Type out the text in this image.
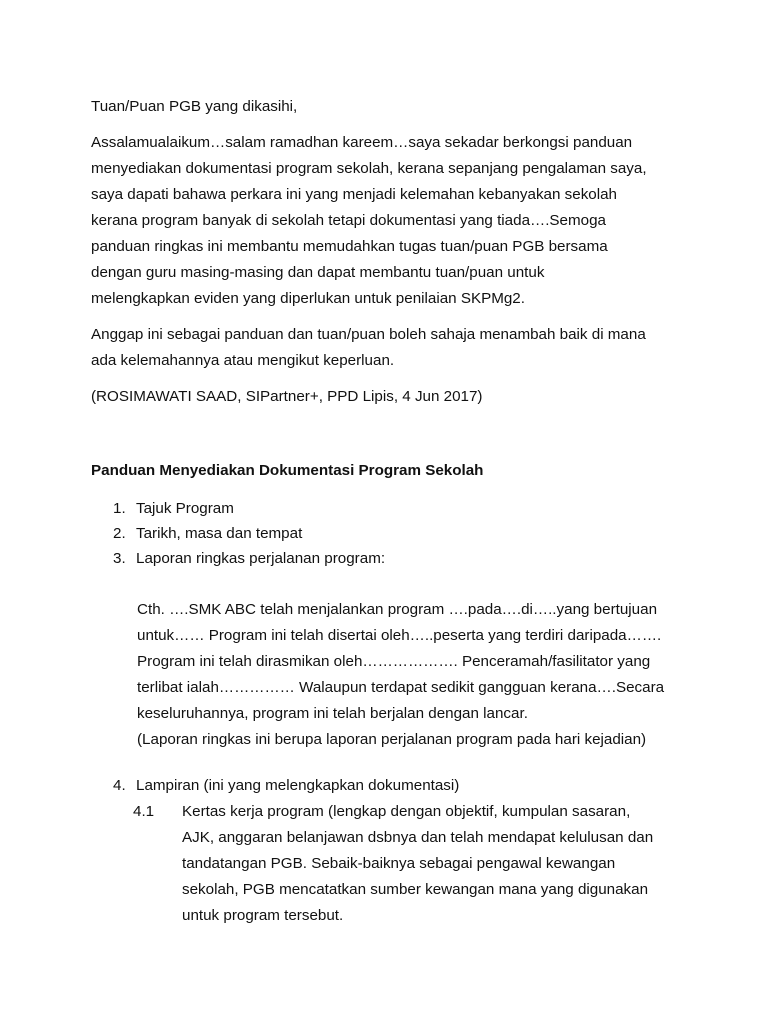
Tuan/Puan PGB yang dikasihi,

Assalamualaikum…salam ramadhan kareem…saya sekadar berkongsi panduan
menyediakan dokumentasi program sekolah, kerana sepanjang pengalaman saya,
saya dapati bahawa perkara ini yang menjadi kelemahan kebanyakan sekolah
kerana program banyak di sekolah tetapi dokumentasi yang tiada….Semoga
panduan ringkas ini membantu memudahkan tugas tuan/puan PGB bersama
dengan guru masing-masing dan dapat membantu tuan/puan untuk
melengkapkan eviden yang diperlukan untuk penilaian SKPMg2.
Anggap ini sebagai panduan dan tuan/puan boleh sahaja menambah baik di mana
ada kelemahannya atau mengikut keperluan.

(ROSIMAWATI SAAD, SIPartner+, PPD Lipis, 4 Jun 2017)

Panduan Menyediakan Dokumentasi Program Sekolah

1. Tajuk Program
2. Tarikh, masa dan tempat
3. Laporan ringkas perjalanan program:
Cth. ….SMK ABC telah menjalankan program ….pada….di…..yang bertujuan
untuk…… Program ini telah disertai oleh…..peserta yang terdiri daripada…….
Program ini telah dirasmikan oleh………………. Penceramah/fasilitator yang
terlibat ialah…………… Walaupun terdapat sedikit gangguan kerana….Secara
keseluruhannya, program ini telah berjalan dengan lancar.
(Laporan ringkas ini berupa laporan perjalanan program pada hari kejadian)
4. Lampiran (ini yang melengkapkan dokumentasi)
4.1 Kertas kerja program (lengkap dengan objektif, kumpulan sasaran,
AJK, anggaran belanjawan dsbnya dan telah mendapat kelulusan dan
tandatangan PGB. Sebaik-baiknya sebagai pengawal kewangan
sekolah, PGB mencatatkan sumber kewangan mana yang digunakan
untuk program tersebut.
